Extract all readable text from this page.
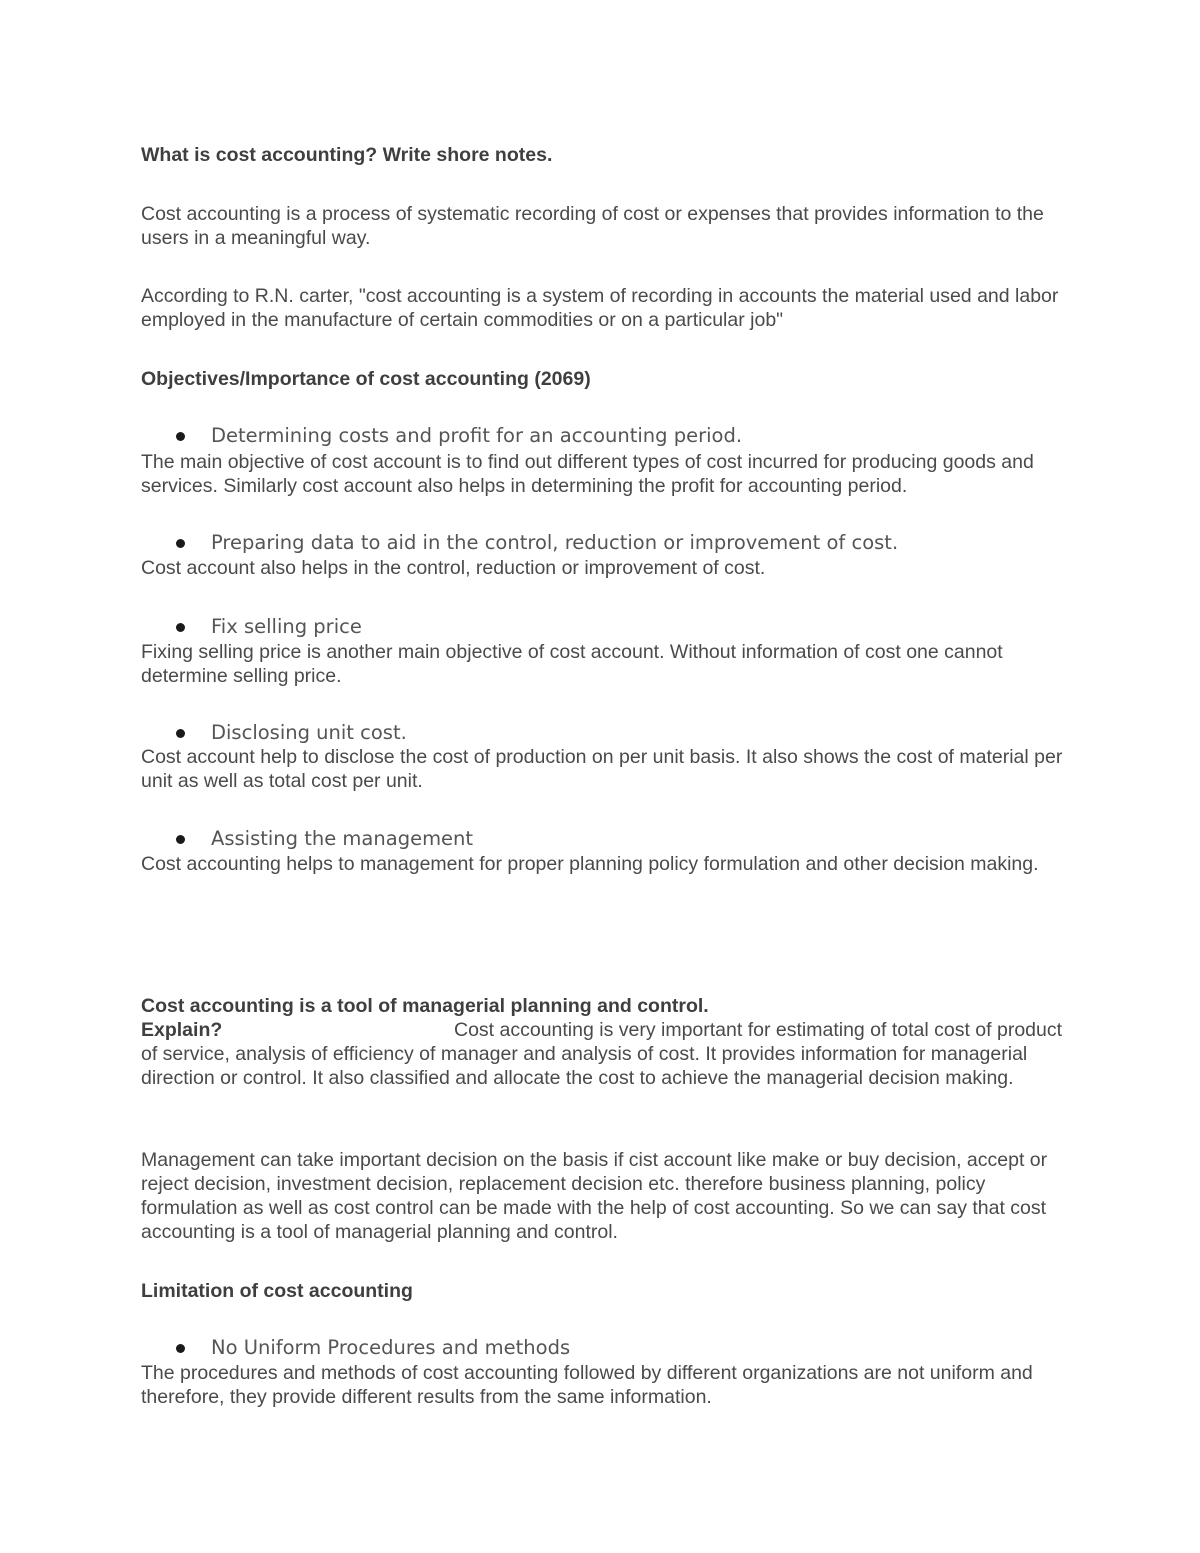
What is cost accounting? Write shore notes.

Cost accounting is a process of systematic recording of cost or expenses that provides information to the users in a meaningful way.

According to R.N. carter, "cost accounting is a system of recording in accounts the material used and labor employed in the manufacture of certain commodities or on a particular job"

Objectives/Importance of cost accounting (2069)

Determining costs and profit for an accounting period.

The main objective of cost account is to find out different types of cost incurred for producing goods and services. Similarly cost account also helps in determining the profit for accounting period.

Preparing data to aid in the control, reduction or improvement of cost.

Cost account also helps in the control, reduction or improvement of cost.

Fix selling price

Fixing selling price is another main objective of cost account. Without information of cost one cannot determine selling price.

Disclosing unit cost.

Cost account help to disclose the cost of production on per unit basis. It also shows the cost of material per unit as well as total cost per unit.

Assisting the management

Cost accounting helps to management for proper planning policy formulation and other decision making.

Cost accounting is a tool of managerial planning and control.

Explain?	Cost accounting is very important for estimating of total cost of product of service, analysis of efficiency of manager and analysis of cost. It provides information for managerial direction or control. It also classified and allocate the cost to achieve the managerial decision making.

Management can take important decision on the basis if cist account like make or buy decision, accept or reject decision, investment decision, replacement decision etc. therefore business planning, policy formulation as well as cost control can be made with the help of cost accounting. So we can say that cost accounting is a tool of managerial planning and control.

Limitation of cost accounting

No Uniform Procedures and methods

The procedures and methods of cost accounting followed by different organizations are not uniform and therefore, they provide different results from the same information.
